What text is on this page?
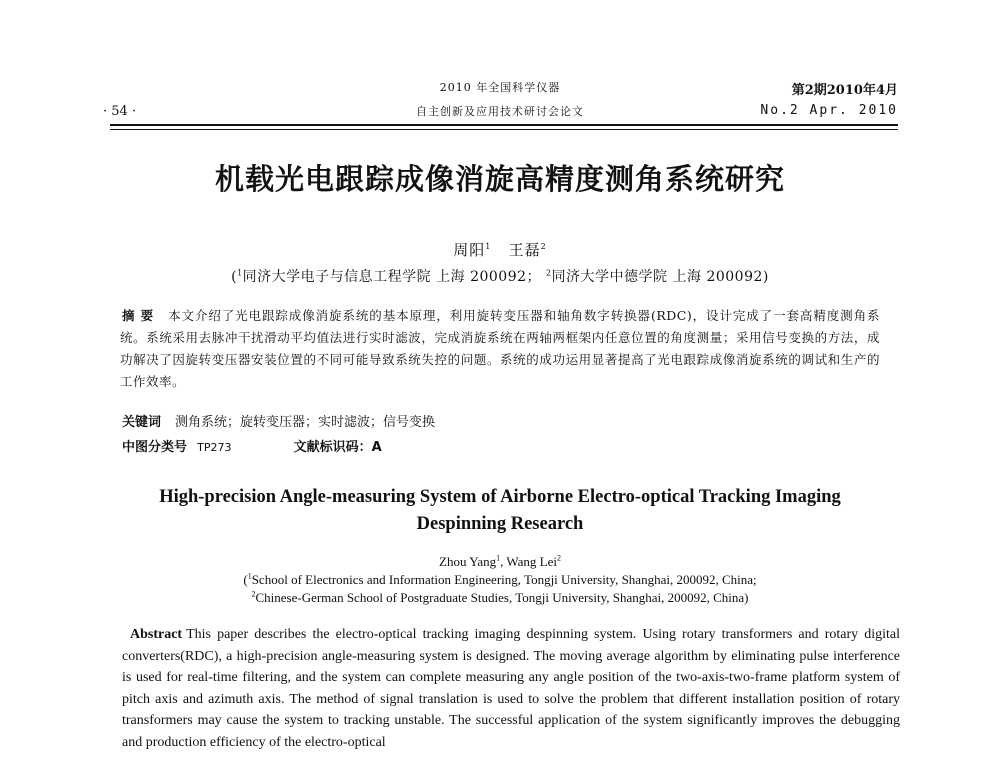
· 54 ·
2010 年全国科学仪器
自主创新及应用技术研讨会论文
第2期2010年4月
No.2 Apr. 2010
机载光电跟踪成像消旋高精度测角系统研究
周阳$^1$ 王磊$^2$
($^1$同济大学电子与信息工程学院 上海 200092； $^2$同济大学中德学院 上海 200092)
摘 要 本文介绍了光电跟踪成像消旋系统的基本原理，利用旋转变压器和轴角数字转换器(RDC)，设计完成了一套高精度测角系统。系统采用去脉冲干扰滑动平均值法进行实时滤波，完成消旋系统在两轴两框架内任意位置的角度测量；采用信号变换的方法，成功解决了因旋转变压器安装位置的不同可能导致系统失控的问题。系统的成功运用显著提高了光电跟踪成像消旋系统的调试和生产的工作效率。
关键词 测角系统；旋转变压器；实时滤波；信号变换
中图分类号 TP273	文献标识码：A
High-precision Angle-measuring System of Airborne Electro-optical Tracking Imaging
Despinning Research
Zhou Yang$^1$, Wang Lei$^2$
($^1$School of Electronics and Information Engineering, Tongji University, Shanghai, 200092, China;
$^2$Chinese-German School of Postgraduate Studies, Tongji University, Shanghai, 200092, China)
Abstract This paper describes the electro-optical tracking imaging despinning system. Using rotary transformers and rotary digital converters(RDC), a high-precision angle-measuring system is designed. The moving average algorithm by eliminating pulse interference is used for real-time filtering, and the system can complete measuring any angle position of the two-axis-two-frame platform system of pitch axis and azimuth axis. The method of signal translation is used to solve the problem that different installation position of rotary transformers may cause the system to tracking unstable. The successful application of the system significantly improves the debugging and production efficiency of the electro-optical
